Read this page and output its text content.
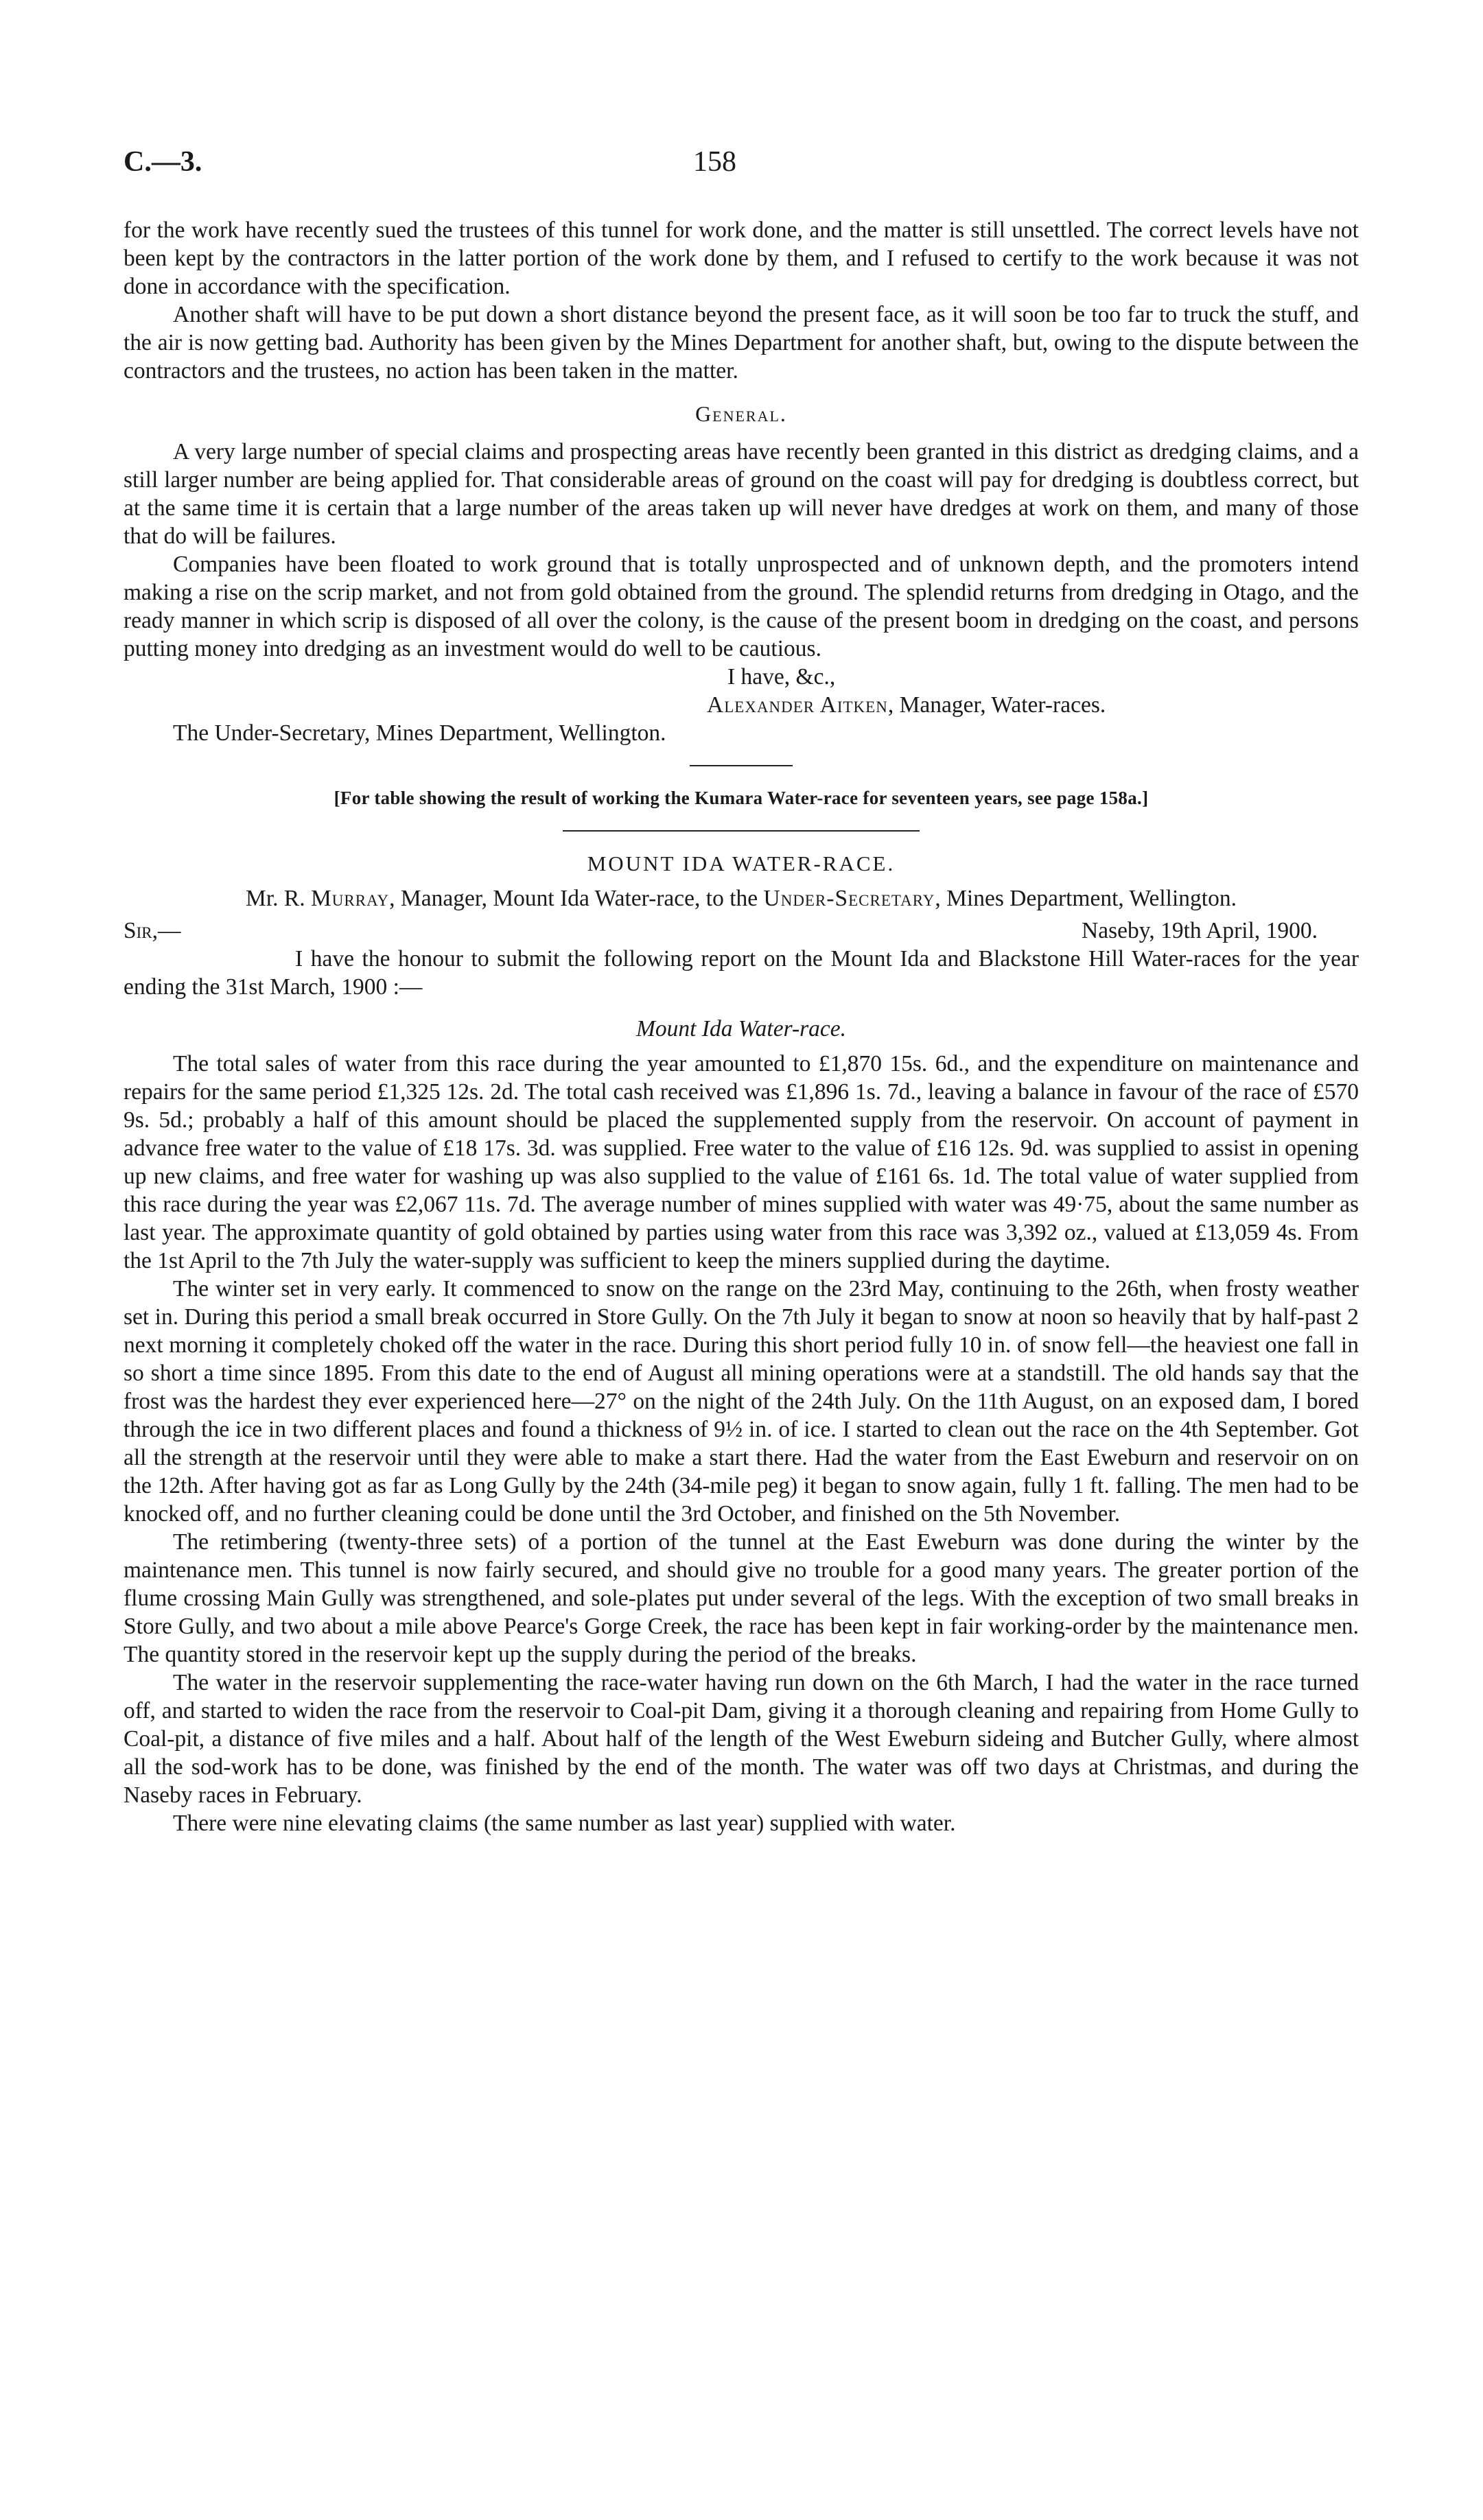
C.—3.	158

for the work have recently sued the trustees of this tunnel for work done, and the matter is still unsettled. The correct levels have not been kept by the contractors in the latter portion of the work done by them, and I refused to certify to the work because it was not done in accordance with the specification.

Another shaft will have to be put down a short distance beyond the present face, as it will soon be too far to truck the stuff, and the air is now getting bad. Authority has been given by the Mines Department for another shaft, but, owing to the dispute between the contractors and the trustees, no action has been taken in the matter.

General.

A very large number of special claims and prospecting areas have recently been granted in this district as dredging claims, and a still larger number are being applied for. That considerable areas of ground on the coast will pay for dredging is doubtless correct, but at the same time it is certain that a large number of the areas taken up will never have dredges at work on them, and many of those that do will be failures.

Companies have been floated to work ground that is totally unprospected and of unknown depth, and the promoters intend making a rise on the scrip market, and not from gold obtained from the ground. The splendid returns from dredging in Otago, and the ready manner in which scrip is disposed of all over the colony, is the cause of the present boom in dredging on the coast, and persons putting money into dredging as an investment would do well to be cautious.

I have, &c.,

Alexander Aitken, Manager, Water-races.

The Under-Secretary, Mines Department, Wellington.

[For table showing the result of working the Kumara Water-race for seventeen years, see page 158a.]
MOUNT IDA WATER-RACE.

Mr. R. Murray, Manager, Mount Ida Water-race, to the Under-Secretary, Mines Department, Wellington.

Sir,—	Naseby, 19th April, 1900.

I have the honour to submit the following report on the Mount Ida and Blackstone Hill Water-races for the year ending the 31st March, 1900 :—

Mount Ida Water-race.

The total sales of water from this race during the year amounted to £1,870 15s. 6d., and the expenditure on maintenance and repairs for the same period £1,325 12s. 2d. The total cash received was £1,896 1s. 7d., leaving a balance in favour of the race of £570 9s. 5d.; probably a half of this amount should be placed the supplemented supply from the reservoir. On account of payment in advance free water to the value of £18 17s. 3d. was supplied. Free water to the value of £16 12s. 9d. was supplied to assist in opening up new claims, and free water for washing up was also supplied to the value of £161 6s. 1d. The total value of water supplied from this race during the year was £2,067 11s. 7d. The average number of mines supplied with water was 49·75, about the same number as last year. The approximate quantity of gold obtained by parties using water from this race was 3,392 oz., valued at £13,059 4s. From the 1st April to the 7th July the water-supply was sufficient to keep the miners supplied during the daytime.

The winter set in very early. It commenced to snow on the range on the 23rd May, continuing to the 26th, when frosty weather set in. During this period a small break occurred in Store Gully. On the 7th July it began to snow at noon so heavily that by half-past 2 next morning it completely choked off the water in the race. During this short period fully 10 in. of snow fell—the heaviest one fall in so short a time since 1895. From this date to the end of August all mining operations were at a standstill. The old hands say that the frost was the hardest they ever experienced here—27° on the night of the 24th July. On the 11th August, on an exposed dam, I bored through the ice in two different places and found a thickness of 9½ in. of ice. I started to clean out the race on the 4th September. Got all the strength at the reservoir until they were able to make a start there. Had the water from the East Eweburn and reservoir on on the 12th. After having got as far as Long Gully by the 24th (34-mile peg) it began to snow again, fully 1 ft. falling. The men had to be knocked off, and no further cleaning could be done until the 3rd October, and finished on the 5th November.

The retimbering (twenty-three sets) of a portion of the tunnel at the East Eweburn was done during the winter by the maintenance men. This tunnel is now fairly secured, and should give no trouble for a good many years. The greater portion of the flume crossing Main Gully was strengthened, and sole-plates put under several of the legs. With the exception of two small breaks in Store Gully, and two about a mile above Pearce's Gorge Creek, the race has been kept in fair working-order by the maintenance men. The quantity stored in the reservoir kept up the supply during the period of the breaks.

The water in the reservoir supplementing the race-water having run down on the 6th March, I had the water in the race turned off, and started to widen the race from the reservoir to Coal-pit Dam, giving it a thorough cleaning and repairing from Home Gully to Coal-pit, a distance of five miles and a half. About half of the length of the West Eweburn sideing and Butcher Gully, where almost all the sod-work has to be done, was finished by the end of the month. The water was off two days at Christmas, and during the Naseby races in February.

There were nine elevating claims (the same number as last year) supplied with water.
